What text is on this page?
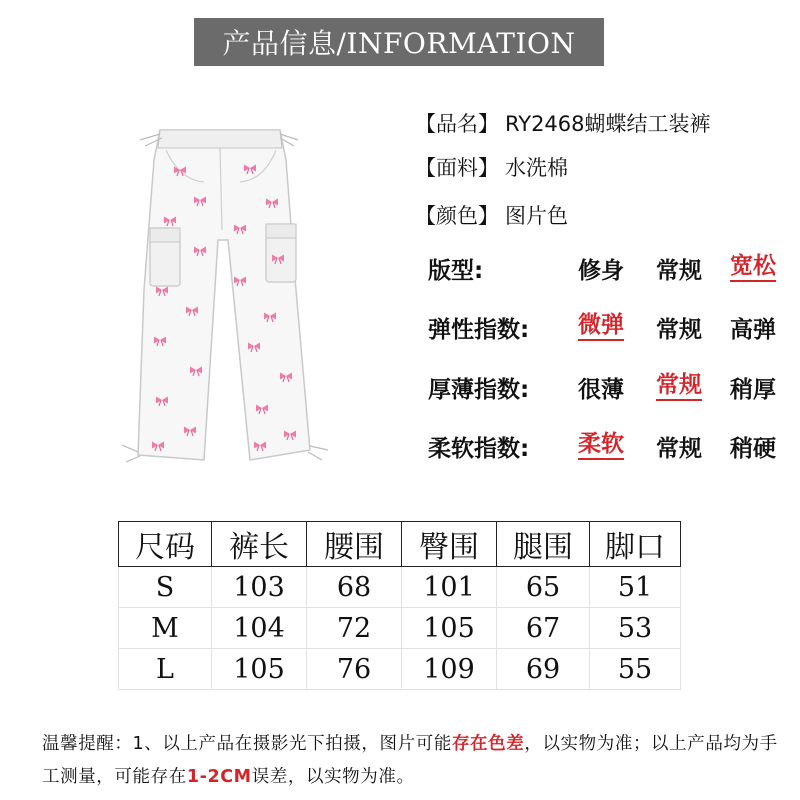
产品信息/INFORMATION
【品名】 RY2468蝴蝶结工装裤
【面料】 水洗棉
【颜色】 图片色
版型:	修身 常规 宽松
弹性指数:	微弹 常规 高弹
厚薄指数:	很薄 常规 稍厚
柔软指数:	柔软 常规 稍硬
尺码	裤长	腰围	臀围	腿围	脚口
S	103	68	101	65	51
M	104	72	105	67	53
L	105	76	109	69	55
温馨提醒：1、以上产品在摄影光下拍摄，图片可能存在色差，以实物为准；以上产品均为手工测量，可能存在1-2CM误差，以实物为准。
